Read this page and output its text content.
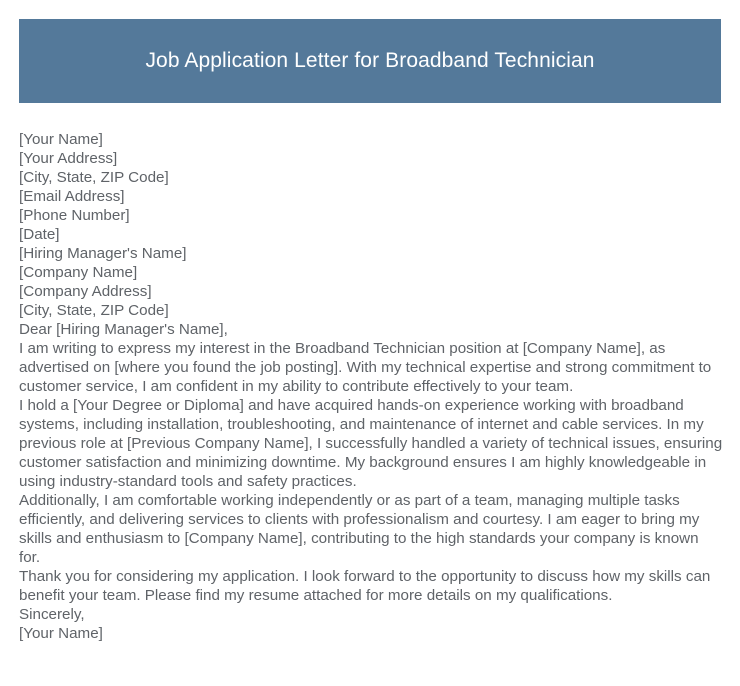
Job Application Letter for Broadband Technician
[Your Name]
[Your Address]
[City, State, ZIP Code]
[Email Address]
[Phone Number]
[Date]
[Hiring Manager's Name]
[Company Name]
[Company Address]
[City, State, ZIP Code]
Dear [Hiring Manager's Name],

I am writing to express my interest in the Broadband Technician position at [Company Name], as advertised on [where you found the job posting]. With my technical expertise and strong commitment to customer service, I am confident in my ability to contribute effectively to your team.

I hold a [Your Degree or Diploma] and have acquired hands-on experience working with broadband systems, including installation, troubleshooting, and maintenance of internet and cable services. In my previous role at [Previous Company Name], I successfully handled a variety of technical issues, ensuring customer satisfaction and minimizing downtime. My background ensures I am highly knowledgeable in using industry-standard tools and safety practices.

Additionally, I am comfortable working independently or as part of a team, managing multiple tasks efficiently, and delivering services to clients with professionalism and courtesy. I am eager to bring my skills and enthusiasm to [Company Name], contributing to the high standards your company is known for.

Thank you for considering my application. I look forward to the opportunity to discuss how my skills can benefit your team. Please find my resume attached for more details on my qualifications.

Sincerely,
[Your Name]
